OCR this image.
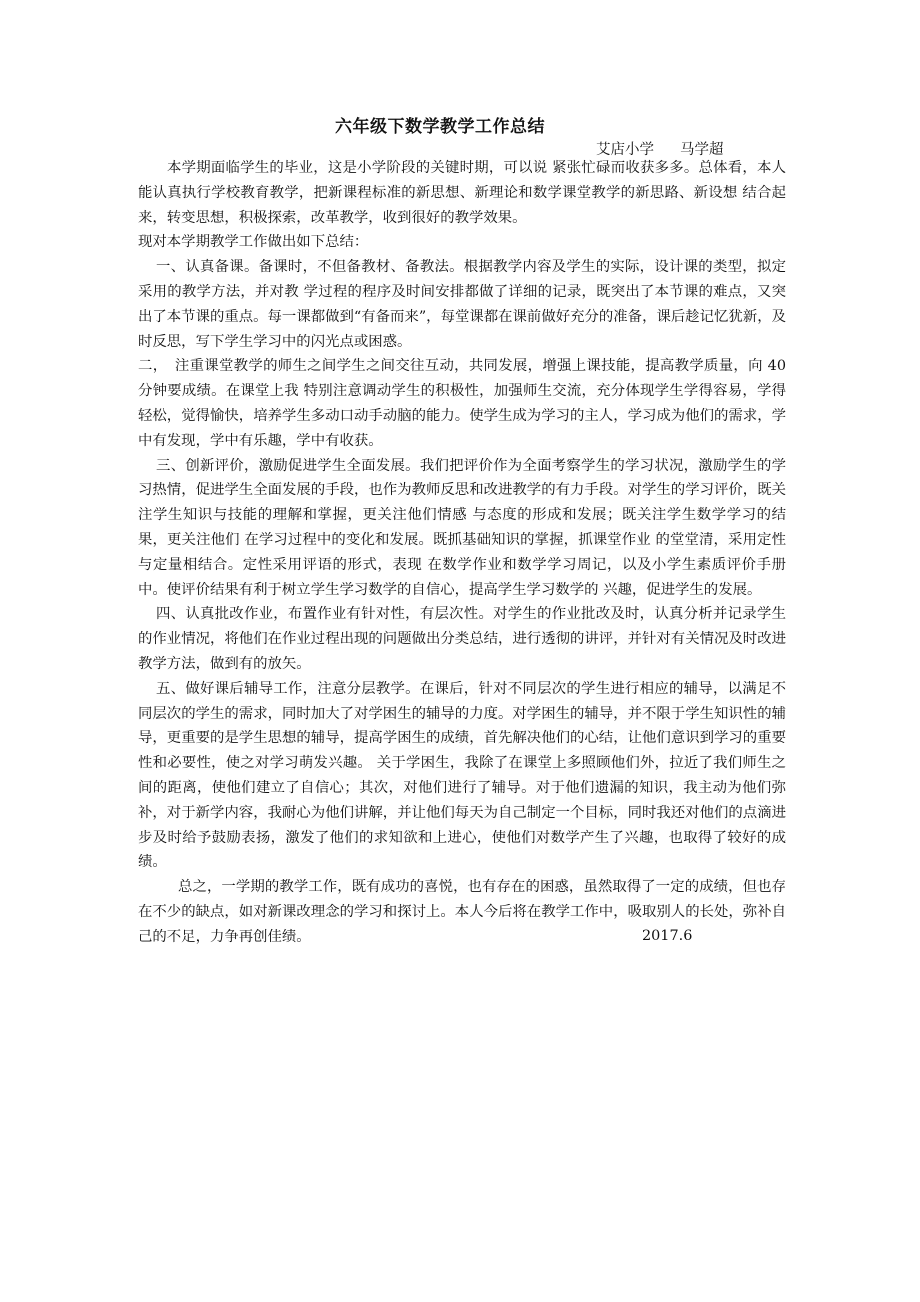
六年级下数学教学工作总结
艾店小学 马学超

本学期面临学生的毕业，这是小学阶段的关键时期，可以说 紧张忙碌而收获多多。总体看，本人能认真执行学校教育教学，把新课程标准的新思想、新理论和数学课堂教学的新思路、新设想 结合起来，转变思想，积极探索，改革教学，收到很好的教学效果。

现对本学期教学工作做出如下总结：

一、认真备课。备课时，不但备教材、备教法。根据教学内容及学生的实际，设计课的类型，拟定采用的教学方法，并对教 学过程的程序及时间安排都做了详细的记录，既突出了本节课的难点，又突出了本节课的重点。每一课都做到“有备而来”，每堂课都在课前做好充分的准备，课后趁记忆犹新，及时反思，写下学生学习中的闪光点或困惑。

二，　注重课堂教学的师生之间学生之间交往互动，共同发展，增强上课技能，提高教学质量，向 40 分钟要成绩。在课堂上我 特别注意调动学生的积极性，加强师生交流，充分体现学生学得容易，学得轻松，觉得愉快，培养学生多动口动手动脑的能力。使学生成为学习的主人，学习成为他们的需求，学中有发现，学中有乐趣，学中有收获。

三、创新评价，激励促进学生全面发展。我们把评价作为全面考察学生的学习状况，激励学生的学习热情，促进学生全面发展的手段，也作为教师反思和改进教学的有力手段。对学生的学习评价，既关注学生知识与技能的理解和掌握，更关注他们情感 与态度的形成和发展；既关注学生数学学习的结果，更关注他们 在学习过程中的变化和发展。既抓基础知识的掌握，抓课堂作业 的堂堂清，采用定性与定量相结合。定性采用评语的形式，表现 在数学作业和数学学习周记，以及小学生素质评价手册中。使评价结果有利于树立学生学习数学的自信心，提高学生学习数学的 兴趣，促进学生的发展。

四、认真批改作业，布置作业有针对性，有层次性。对学生的作业批改及时，认真分析并记录学生的作业情况，将他们在作业过程出现的问题做出分类总结，进行透彻的讲评，并针对有关情况及时改进教学方法，做到有的放矢。

五、做好课后辅导工作，注意分层教学。在课后，针对不同层次的学生进行相应的辅导，以满足不同层次的学生的需求，同时加大了对学困生的辅导的力度。对学困生的辅导，并不限于学生知识性的辅导，更重要的是学生思想的辅导，提高学困生的成绩，首先解决他们的心结，让他们意识到学习的重要性和必要性，使之对学习萌发兴趣。 关于学困生，我除了在课堂上多照顾他们外，拉近了我们师生之间的距离，使他们建立了自信心；其次，对他们进行了辅导。对于他们遗漏的知识，我主动为他们弥补，对于新学内容，我耐心为他们讲解，并让他们每天为自己制定一个目标，同时我还对他们的点滴进步及时给予鼓励表扬，激发了他们的求知欲和上进心，使他们对数学产生了兴趣，也取得了较好的成绩。

总之，一学期的教学工作，既有成功的喜悦，也有存在的困惑，虽然取得了一定的成绩，但也存在不少的缺点，如对新课改理念的学习和探讨上。本人今后将在教学工作中，吸取别人的长处，弥补自己的不足，力争再创佳绩。	2017.6
